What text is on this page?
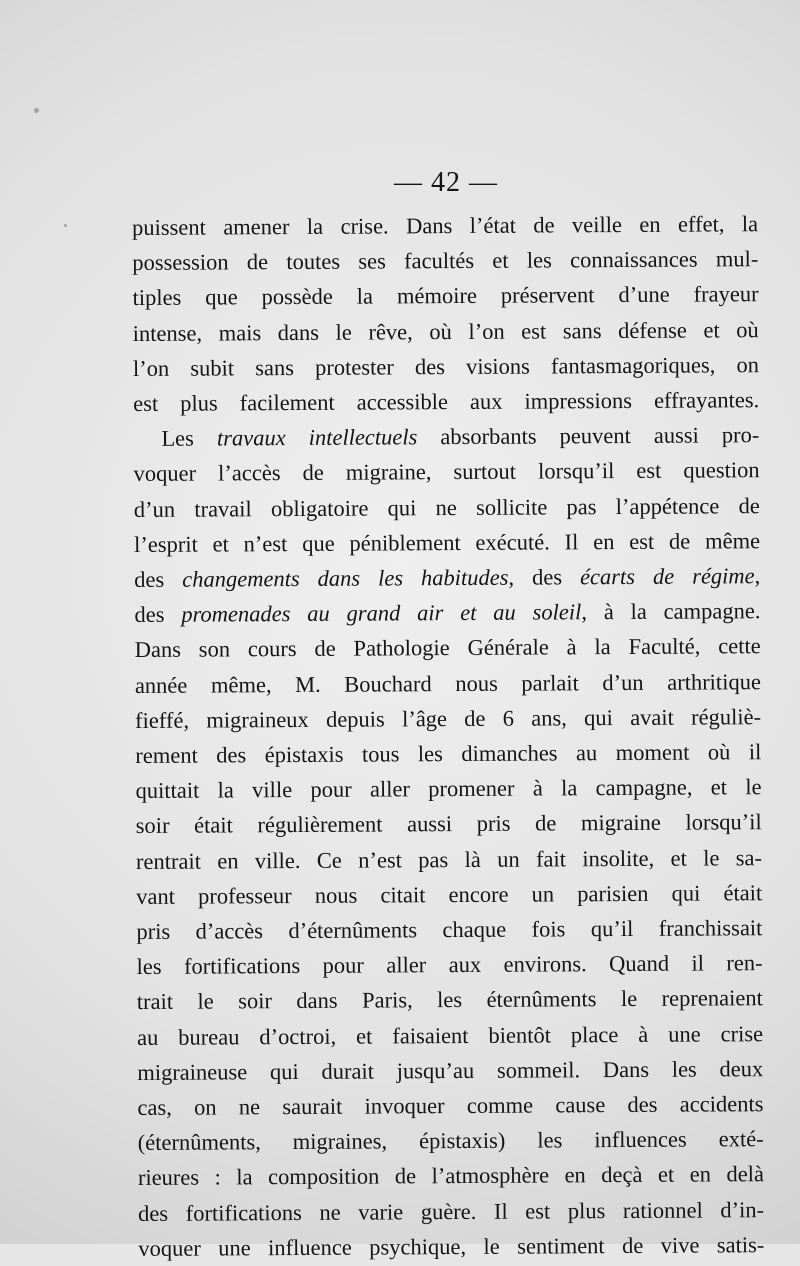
— 42 —
puissent amener la crise. Dans l’état de veille en effet, la
possession de toutes ses facultés et les connaissances mul-
tiples que possède la mémoire préservent d’une frayeur
intense, mais dans le rêve, où l’on est sans défense et où
l’on subit sans protester des visions fantasmagoriques, on
est plus facilement accessible aux impressions effrayantes.
Les travaux intellectuels absorbants peuvent aussi pro-
voquer l’accès de migraine, surtout lorsqu’il est question
d’un travail obligatoire qui ne sollicite pas l’appétence de
l’esprit et n’est que péniblement exécuté. Il en est de même
des changements dans les habitudes, des écarts de régime,
des promenades au grand air et au soleil, à la campagne.
Dans son cours de Pathologie Générale à la Faculté, cette
année même, M. Bouchard nous parlait d’un arthritique
fieffé, migraineux depuis l’âge de 6 ans, qui avait réguliè-
rement des épistaxis tous les dimanches au moment où il
quittait la ville pour aller promener à la campagne, et le
soir était régulièrement aussi pris de migraine lorsqu’il
rentrait en ville. Ce n’est pas là un fait insolite, et le sa-
vant professeur nous citait encore un parisien qui était
pris d’accès d’éternûments chaque fois qu’il franchissait
les fortifications pour aller aux environs. Quand il ren-
trait le soir dans Paris, les éternûments le reprenaient
au bureau d’octroi, et faisaient bientôt place à une crise
migraineuse qui durait jusqu’au sommeil. Dans les deux
cas, on ne saurait invoquer comme cause des accidents
(éternûments, migraines, épistaxis) les influences exté-
rieures : la composition de l’atmosphère en deçà et en delà
des fortifications ne varie guère. Il est plus rationnel d’in-
voquer une influence psychique, le sentiment de vive satis-
